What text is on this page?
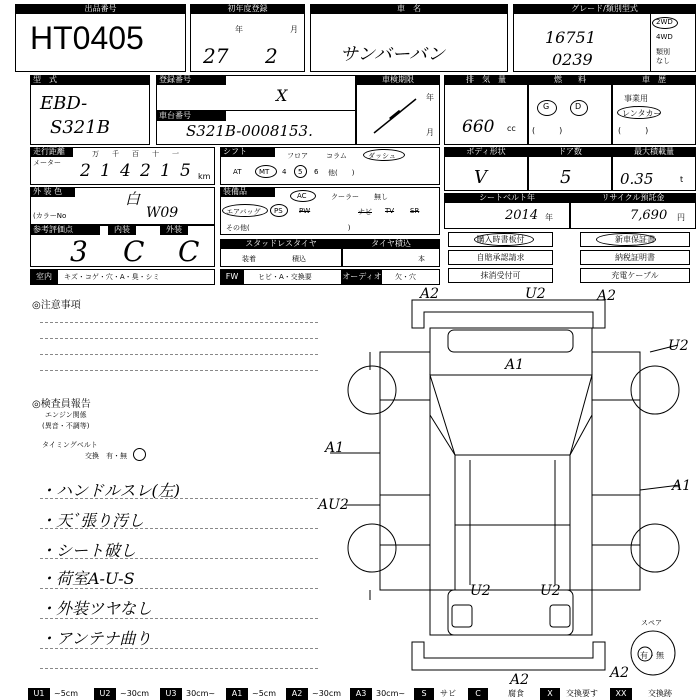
出品番号
HT0405
初年度登録
年	月
27 2
車　名
サンバーバン
グレード/類別型式
16751
0239
2WD
4WD
類別
なし
型　式
EBD-
S321B
登録番号
X
車台番号
S321B-0008153.
車検期限
年
月
排　気　量
660 cc
燃　　料
G	D
(　　　)
車　歴
事業用
レンタカー
(　　　)
走行距離
メーター 2 1 4 2 1 5
万 千 百 十 一
km
シフト	フロア	コラム	ダッシュ
AT MT 4 5 6 他(　　)
ボディ形状
V
ドア数
5
最大積載量
0.35	t
外 装 色	白
(カラーNo	W09
装備品	AC	クーラー 無し
エアバッグ PS PW	ナビ TV SR
その他(　　　　　　　　　　　　　　)
シートベルト年
2014 年
リサイクル預託金
7,690 円
参考評価点	内装	外装
3 C C	スタッドレスタイヤ
装着	積込
タイヤ積込
本
購入時書板付	新車保証書
自賠承認請求	納税証明書
抹消受付可	充電ケーブル
室内	キズ・コゲ・穴・A・臭・シミ	FW	ヒビ・A・交換要	オーディオ 欠・穴
◎注意事項
◎検査員報告
エンジン関係
(異音・不調等)
タイミングベルト
交換　有・無
・ハンドルスレ(左)
・天ﾞ張り汚し
・シート破し
・荷室A-U-S
・外装ツヤなし
・アンテナ曲り
A2	U2	A2
U2
A1
A1
AU2
A1
U2	U2
A2	A2
スペア
有・無
U1	~5cm	U2	~30cm	U3	30cm~	A1	~5cm	A2	~30cm	A3	30cm~	S	サビ	C	腐食	X	交換要す	XX	交換跡
